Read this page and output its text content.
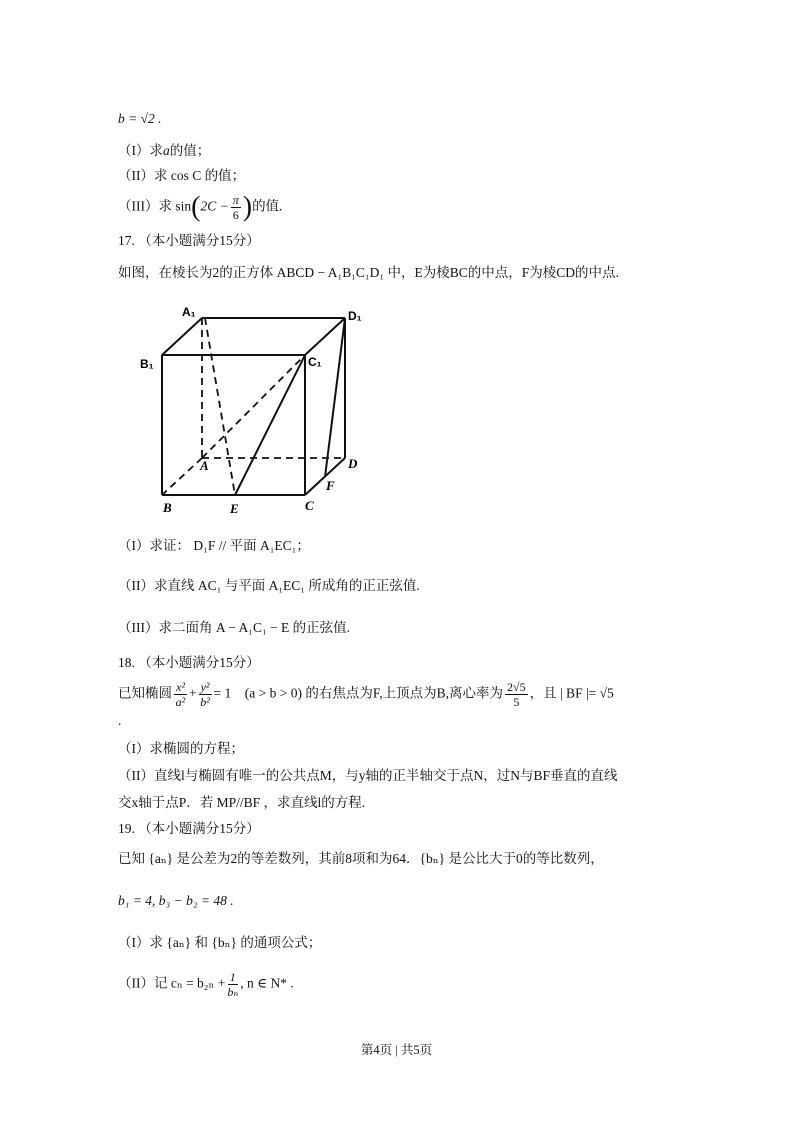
b = √2 .
（I）求a的值；
（II）求 cos C 的值；
（III）求 $\sin(2C - \frac{\pi}{6}$ )的值.
17. （本小题满分15分）
如图，在棱长为2的正方体 ABCD − A₁B₁C₁D₁ 中，E为棱BC的中点，F为棱CD的中点.
A₁	D₁
B₁	C₁
A	D
B	C
E
F
（I）求证： D₁F // 平面 A₁EC₁；
（II）求直线 AC₁ 与平面 A₁EC₁ 所成角的正正弦值.
（III）求二面角 A − A₁C₁ − E 的正弦值.
18. （本小题满分15分）
已知椭圆 $\frac{\text{x²}}{\text{a²}} + \frac{\text{y²}}{\text{b²}} = 1$　(a > b > 0) 的右焦点为F,上顶点为B,离心率为 $\frac{2√5}{5}$ ，且 | BF |= √5
.
（I）求椭圆的方程；
（II）直线l与椭圆有唯一的公共点M，与y轴的正半轴交于点N，过N与BF垂直的直线
交x轴于点P．若 MP//BF ，求直线l的方程.
19. （本小题满分15分）
已知 {aₙ} 是公差为2的等差数列，其前8项和为64．{bₙ} 是公比大于0的等比数列，
b₁ = 4, b₃ − b₂ = 48 .
（I）求 {aₙ} 和 {bₙ} 的通项公式；
（II）记 $c_n = b_{2n} + \frac{1}{\text{bₙ}}$ , n ∈ N* .
第4页 | 共5页
